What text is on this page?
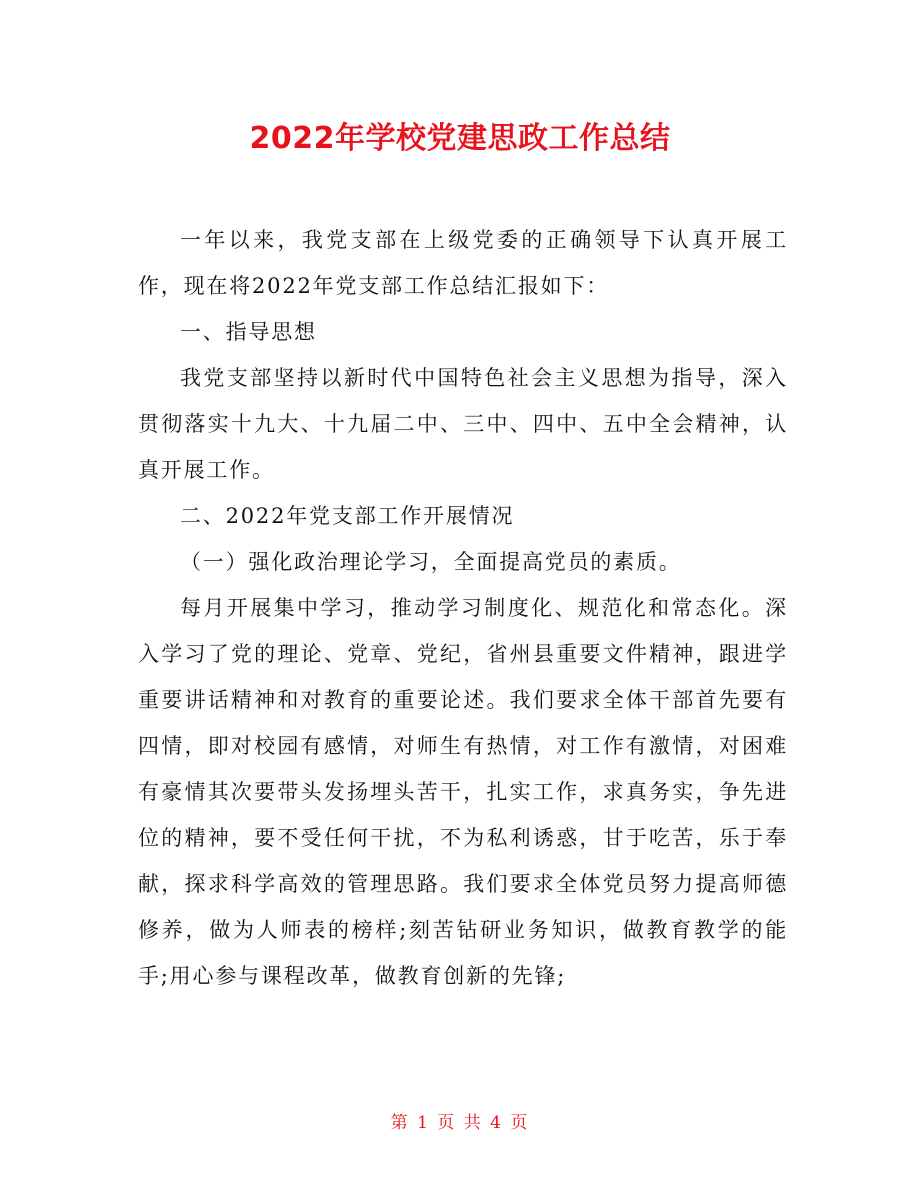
2022年学校党建思政工作总结

一年以来，我党支部在上级党委的正确领导下认真开展工作，现在将2022年党支部工作总结汇报如下：

一、指导思想

我党支部坚持以新时代中国特色社会主义思想为指导，深入贯彻落实十九大、十九届二中、三中、四中、五中全会精神，认真开展工作。

二、2022年党支部工作开展情况

（一）强化政治理论学习，全面提高党员的素质。

每月开展集中学习，推动学习制度化、规范化和常态化。深入学习了党的理论、党章、党纪，省州县重要文件精神，跟进学重要讲话精神和对教育的重要论述。我们要求全体干部首先要有四情，即对校园有感情，对师生有热情，对工作有激情，对困难有豪情其次要带头发扬埋头苦干，扎实工作，求真务实，争先进位的精神，要不受任何干扰，不为私利诱惑，甘于吃苦，乐于奉献，探求科学高效的管理思路。我们要求全体党员努力提高师德修养，做为人师表的榜样;刻苦钻研业务知识，做教育教学的能手;用心参与课程改革，做教育创新的先锋;

第 1 页 共 4 页
